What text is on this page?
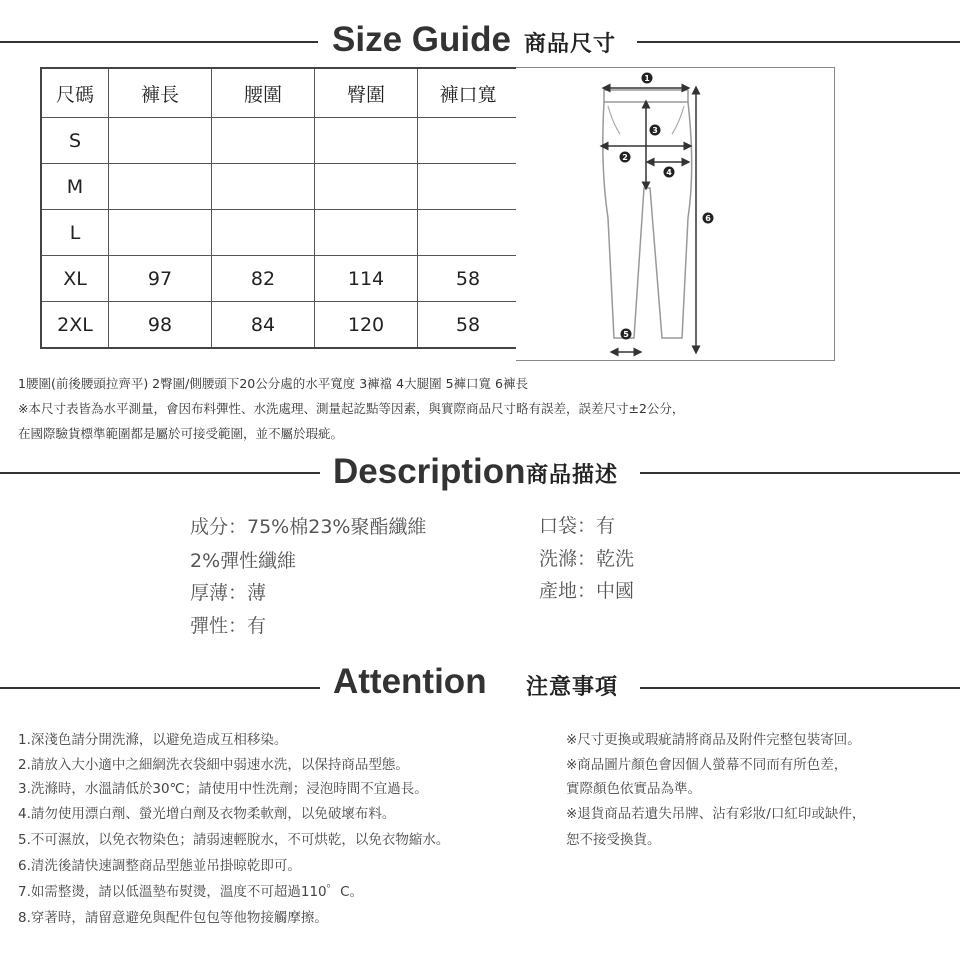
Size Guide 商品尺寸
尺碼	褲長	腰圍	臀圍	褲口寬
S				
M				
L				
XL	97	82	114	58
2XL	98	84	120	58
1
2
3
4
5
6
1腰圍(前後腰頭拉齊平) 2臀圍/側腰頭下20公分處的水平寬度 3褲襠 4大腿圍 5褲口寬 6褲長
※本尺寸表皆為水平測量，會因布料彈性、水洗處理、測量起訖點等因素，與實際商品尺寸略有誤差，誤差尺寸±2公分，
在國際驗貨標準範圍都是屬於可接受範圍，並不屬於瑕疵。
Description 商品描述
成分：75%棉23%聚酯纖維
2%彈性纖維
厚薄：薄
彈性：有
口袋：有
洗滌：乾洗
產地：中國
Attention 注意事項
1.深淺色請分開洗滌，以避免造成互相移染。
2.請放入大小適中之細網洗衣袋細中弱速水洗，以保持商品型態。
3.洗滌時，水溫請低於30℃；請使用中性洗劑；浸泡時間不宜過長。
4.請勿使用漂白劑、螢光增白劑及衣物柔軟劑，以免破壞布料。
5.不可濕放，以免衣物染色；請弱速輕脫水，不可烘乾，以免衣物縮水。
6.清洗後請快速調整商品型態並吊掛晾乾即可。
7.如需整燙，請以低溫墊布熨燙，溫度不可超過110゜C。
8.穿著時，請留意避免與配件包包等他物接觸摩擦。
※尺寸更換或瑕疵請將商品及附件完整包裝寄回。
※商品圖片顏色會因個人螢幕不同而有所色差，
實際顏色依實品為準。
※退貨商品若遺失吊牌、沾有彩妝/口紅印或缺件，
恕不接受換貨。
